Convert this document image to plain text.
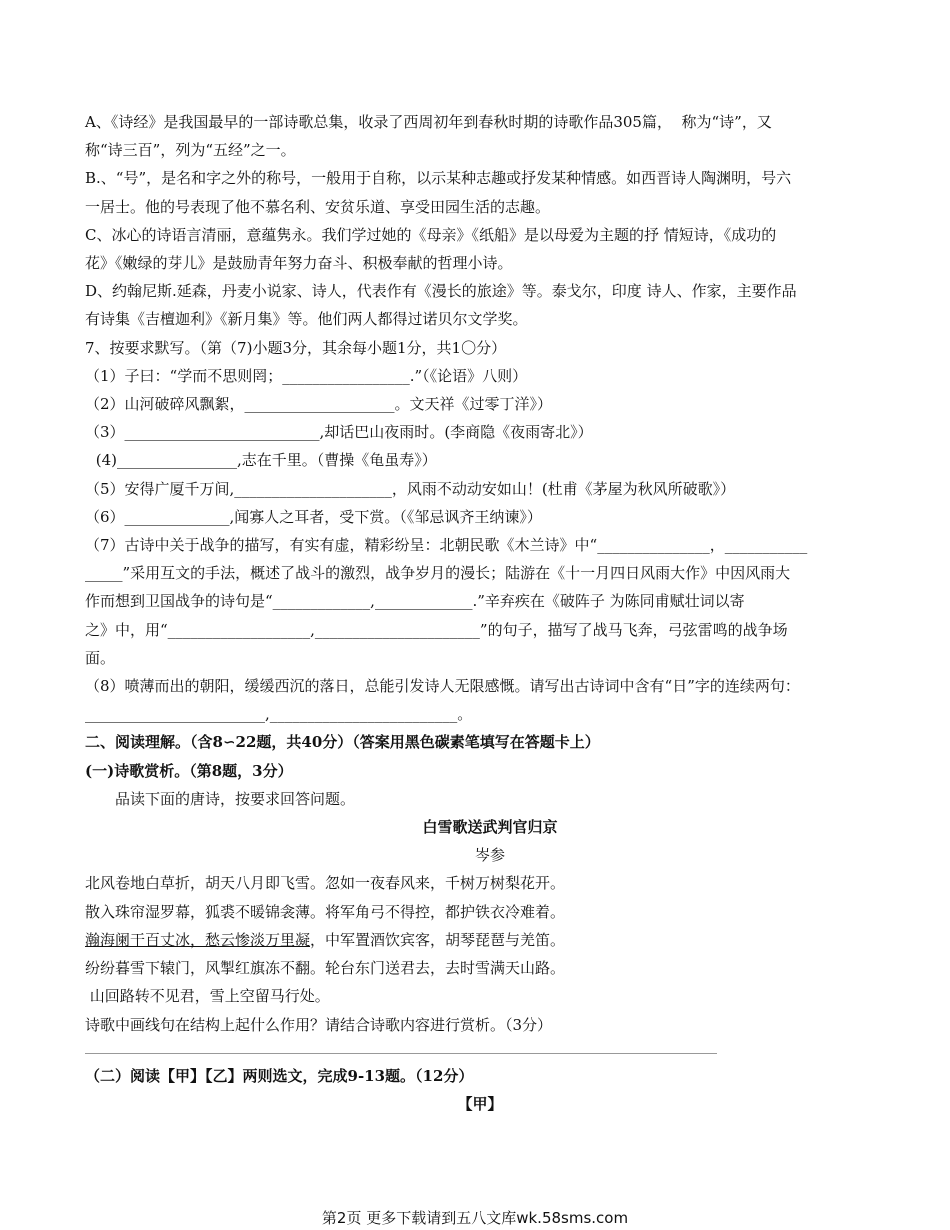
A、《诗经》是我国最早的一部诗歌总集，收录了西周初年到春秋时期的诗歌作品305篇，  称为“诗”，又

称“诗三百”，列为“五经”之一。

B.、“号”，是名和字之外的称号，一般用于自称，以示某种志趣或抒发某种情感。如西晋诗人陶渊明，号六

一居士。他的号表现了他不慕名利、安贫乐道、享受田园生活的志趣。

C、冰心的诗语言清丽，意蕴隽永。我们学过她的《母亲》《纸船》是以母爱为主题的抒 情短诗，《成功的

花》《嫩绿的芽儿》是鼓励青年努力奋斗、积极奉献的哲理小诗。

D、约翰尼斯.延森，丹麦小说家、诗人，代表作有《漫长的旅途》等。泰戈尔，印度 诗人、作家，主要作品

有诗集《吉檀迦利》《新月集》等。他们两人都得过诺贝尔文学奖。

7、按要求默写。（第（7)小题3分，其余每小题1分，共1〇分）

（1）子曰：“学而不思则罔；_________________.”（《论语》八则）

（2）山河破碎风飘絮，____________________。文天祥《过零丁洋》）

（3）__________________________,却话巴山夜雨时。(李商隐《夜雨寄北》）

(4)________________,志在千里。（曹操《龟虽寿》）

（5）安得广厦千万间,_____________________，风雨不动动安如山！(杜甫《茅屋为秋风所破歌》）

（6）______________,闻寡人之耳者，受下赏。（《邹忌讽齐王纳谏》）

（7）古诗中关于战争的描写，有实有虚，精彩纷呈：北朝民歌《木兰诗》中“_______________，___________

_____”采用互文的手法，概述了战斗的激烈，战争岁月的漫长；陆游在《十一月四日风雨大作》中因风雨大

作而想到卫国战争的诗句是“_____________,_____________.”辛弃疾在《破阵子 为陈同甫赋壮词以寄

之》中，用“___________________,______________________”的句子，描写了战马飞奔，弓弦雷鸣的战争场

面。

（8）喷薄而出的朝阳，缓缓西沉的落日，总能引发诗人无限感慨。请写出古诗词中含有“日”字的连续两句：

________________________,_________________________。

二、阅读理解。（含8∽22题，共40分）（答案用黑色碳素笔填写在答题卡上）

(一)诗歌赏析。（第8题，3分）

品读下面的唐诗，按要求回答问题。

白雪歌送武判官归京

岑参

北风卷地白草折，胡天八月即飞雪。忽如一夜春风来，千树万树梨花开。

散入珠帘湿罗幕，狐裘不暖锦衾薄。将军角弓不得控，都护铁衣冷难着。

瀚海阑干百丈冰，愁云惨淡万里凝，中军置酒饮宾客，胡琴琵琶与羌笛。

纷纷暮雪下辕门，风掣红旗冻不翻。轮台东门送君去，去时雪满天山路。

山回路转不见君，雪上空留马行处。

诗歌中画线句在结构上起什么作用？请结合诗歌内容进行赏析。（3分）

（二）阅读【甲】【乙】两则选文，完成9-13题。（12分）

【甲】

第2页 更多下载请到五八文库wk.58sms.com
